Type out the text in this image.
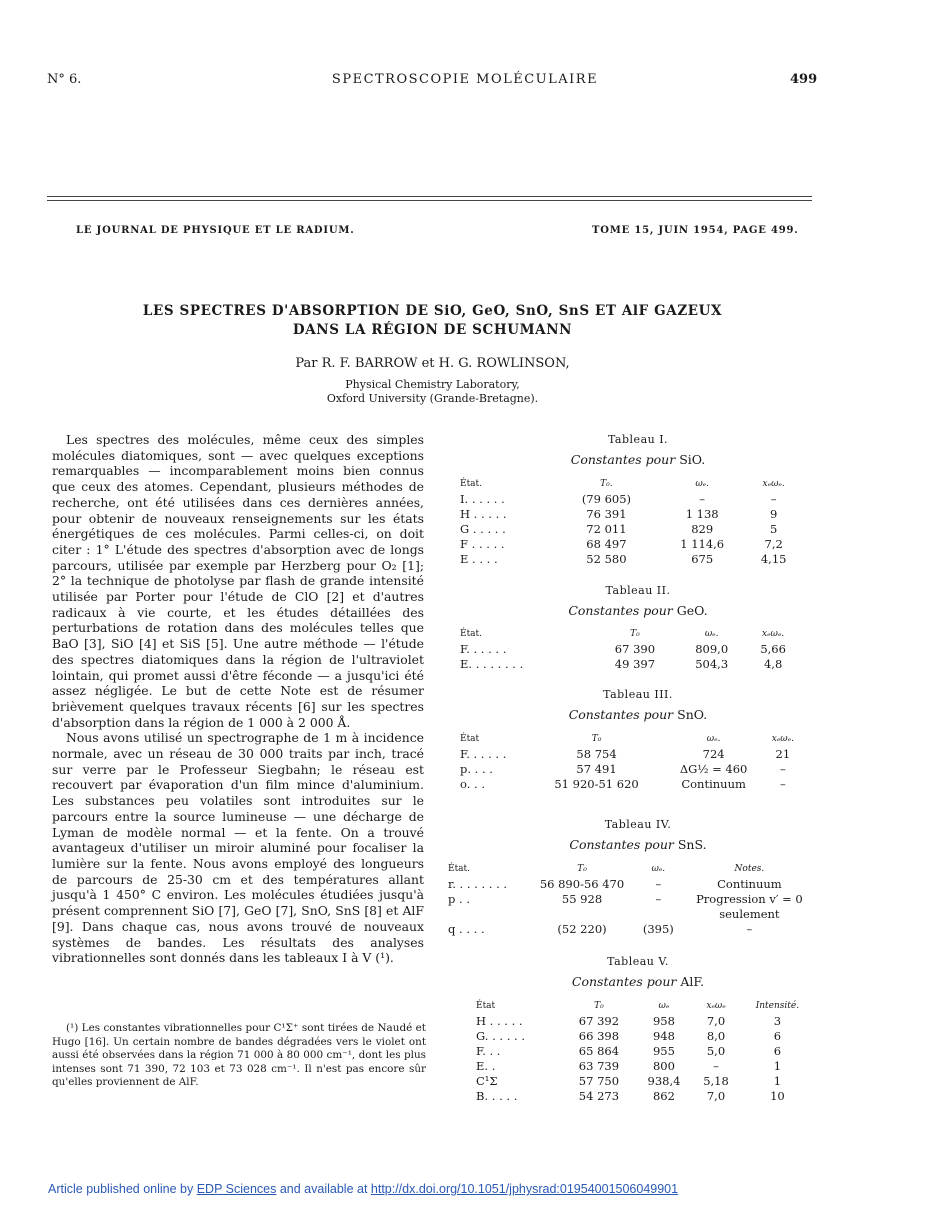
N° 6.	SPECTROSCOPIE MOLÉCULAIRE	499
LE JOURNAL DE PHYSIQUE ET LE RADIUM.	TOME 15, JUIN 1954, PAGE 499.
LES SPECTRES D'ABSORPTION DE SiO, GeO, SnO, SnS ET AlF GAZEUX
DANS LA RÉGION DE SCHUMANN
Par R. F. BARROW et H. G. ROWLINSON,
Physical Chemistry Laboratory,
Oxford University (Grande-Bretagne).

Les spectres des molécules, même ceux des simples molécules diatomiques, sont — avec quelques exceptions remarquables — incomparablement moins bien connus que ceux des atomes. Cependant, plusieurs méthodes de recherche, ont été utilisées dans ces dernières années, pour obtenir de nouveaux renseignements sur les états énergétiques de ces molécules. Parmi celles-ci, on doit citer : 1° L'étude des spectres d'absorption avec de longs parcours, utilisée par exemple par Herzberg pour O₂ [1]; 2° la technique de photolyse par flash de grande intensité utilisée par Porter pour l'étude de ClO [2] et d'autres radicaux à vie courte, et les études détaillées des perturbations de rotation dans des molécules telles que BaO [3], SiO [4] et SiS [5]. Une autre méthode — l'étude des spectres diatomiques dans la région de l'ultraviolet lointain, qui promet aussi d'être féconde — a jusqu'ici été assez négligée. Le but de cette Note est de résumer brièvement quelques travaux récents [6] sur les spectres d'absorption dans la région de 1 000 à 2 000 Å.

Nous avons utilisé un spectrographe de 1 m à incidence normale, avec un réseau de 30 000 traits par inch, tracé sur verre par le Professeur Siegbahn; le réseau est recouvert par évaporation d'un film mince d'aluminium. Les substances peu volatiles sont introduites sur le parcours entre la source lumineuse — une décharge de Lyman de modèle normal — et la fente. On a trouvé avantageux d'utiliser un miroir aluminé pour focaliser la lumière sur la fente. Nous avons employé des longueurs de parcours de 25-30 cm et des températures allant jusqu'à 1 450° C environ. Les molécules étudiées jusqu'à présent comprennent SiO [7], GeO [7], SnO, SnS [8] et AlF [9]. Dans chaque cas, nous avons trouvé de nouveaux systèmes de bandes. Les résultats des analyses vibrationnelles sont donnés dans les tableaux I à V (¹).

(¹) Les constantes vibrationnelles pour C¹Σ⁺ sont tirées de Naudé et Hugo [16]. Un certain nombre de bandes dégradées vers le violet ont aussi été observées dans la région 71 000 à 80 000 cm⁻¹, dont les plus intenses sont 71 390, 72 103 et 73 028 cm⁻¹. Il n'est pas encore sûr qu'elles proviennent de AlF.

Tableau I.
Constantes pour SiO.
État.	T₀.	ωₑ.	xₑωₑ.
I. . . . . .	(79 605)	–	–
H . . . . .	76 391	1 138	9
G . . . . .	72 011	829	5
F . . . . .	68 497	1 114,6	7,2
E . . . .	52 580	675	4,15
Tableau II.
Constantes pour GeO.
État.	T₀	ωₑ.	xₑωₑ.
F. . . . . .	67 390	809,0	5,66
E. . . . . . . .	49 397	504,3	4,8
Tableau III.
Constantes pour SnO.
État	T₀	ωₑ.	xₑωₑ.
F. . . . . .	58 754	724	21
p. . . .	57 491	ΔG½ = 460	–
o. . .	51 920-51 620	Continuum	–
Tableau IV.
Constantes pour SnS.
État.	T₀	ωₑ.	Notes.
r. . . . . . . .	56 890-56 470	–	Continuum
p . .	55 928	–	Progression v′ = 0
			seulement
q . . . .	(52 220)	(395)	–
Tableau V.
Constantes pour AlF.
État	T₀	ωₑ	xₑωₑ	Intensité.
H . . . . .	67 392	958	7,0	3
G. . . . . .	66 398	948	8,0	6
F. . .	65 864	955	5,0	6
E. .	63 739	800	–	1
C¹Σ	57 750	938,4	5,18	1
B. . . . .	54 273	862	7,0	10
Article published online by EDP Sciences and available at http://dx.doi.org/10.1051/jphysrad:01954001506049901
